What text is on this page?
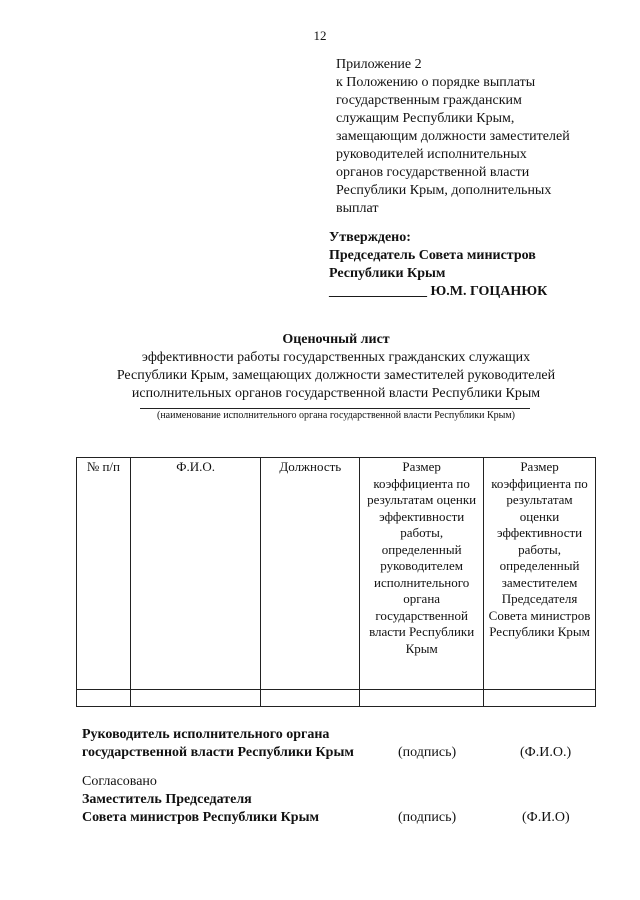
12
Приложение 2
к Положению о порядке выплаты
государственным гражданским
служащим Республики Крым,
замещающим должности заместителей
руководителей исполнительных
органов государственной власти
Республики Крым, дополнительных
выплат
Утверждено:
Председатель Совета министров
Республики Крым
______________ Ю.М. ГОЦАНЮК
Оценочный лист
эффективности работы государственных гражданских служащих
Республики Крым, замещающих должности заместителей руководителей
исполнительных органов государственной власти Республики Крым
(наименование исполнительного органа государственной власти Республики Крым)
№ п/п	Ф.И.О.	Должность	Размер коэффициента по результатам оценки эффективности работы, определенный руководителем исполнительного органа государственной власти Республики Крым	Размер коэффициента по результатам оценки эффективности работы, определенный заместителем Председателя Совета министров Республики Крым

Руководитель исполнительного органа
государственной власти Республики Крым	(подпись)	(Ф.И.О.)
Согласовано
Заместитель Председателя
Совета министров Республики Крым	(подпись)	(Ф.И.О)
